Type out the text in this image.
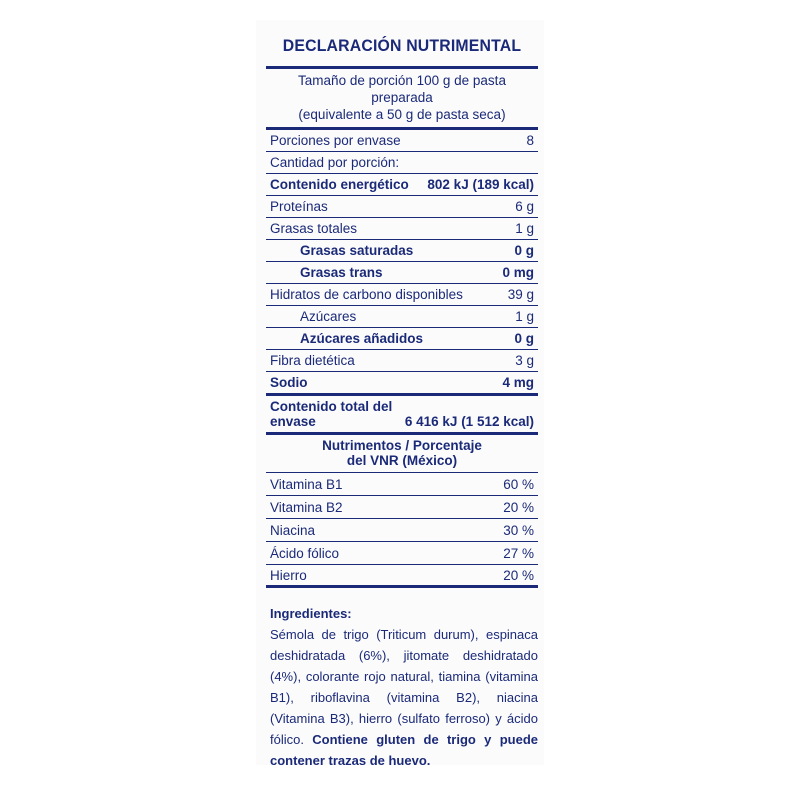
DECLARACIÓN NUTRIMENTAL
Tamaño de porción 100 g de pasta preparada
(equivalente a 50 g de pasta seca)
Porciones por envase	8
Cantidad por porción:
Contenido energético 802 kJ (189 kcal)
Proteínas	6 g
Grasas totales	1 g
Grasas saturadas	0 g
Grasas trans	0 mg
Hidratos de carbono disponibles	39 g
Azúcares	1 g
Azúcares añadidos	0 g
Fibra dietética	3 g
Sodio	4 mg
Contenido total del
envase	6 416 kJ (1 512 kcal)
Nutrimentos / Porcentaje
del VNR (México)
Vitamina B1	60 %
Vitamina B2	20 %
Niacina	30 %
Ácido fólico	27 %
Hierro	20 %
Ingredientes:
Sémola de trigo (Triticum durum), espinaca deshidratada (6%), jitomate deshidratado (4%), colorante rojo natural, tiamina (vitamina B1), riboflavina (vitamina B2), niacina (Vitamina B3), hierro (sulfato ferroso) y ácido fólico. Contiene gluten de trigo y puede contener trazas de huevo.
